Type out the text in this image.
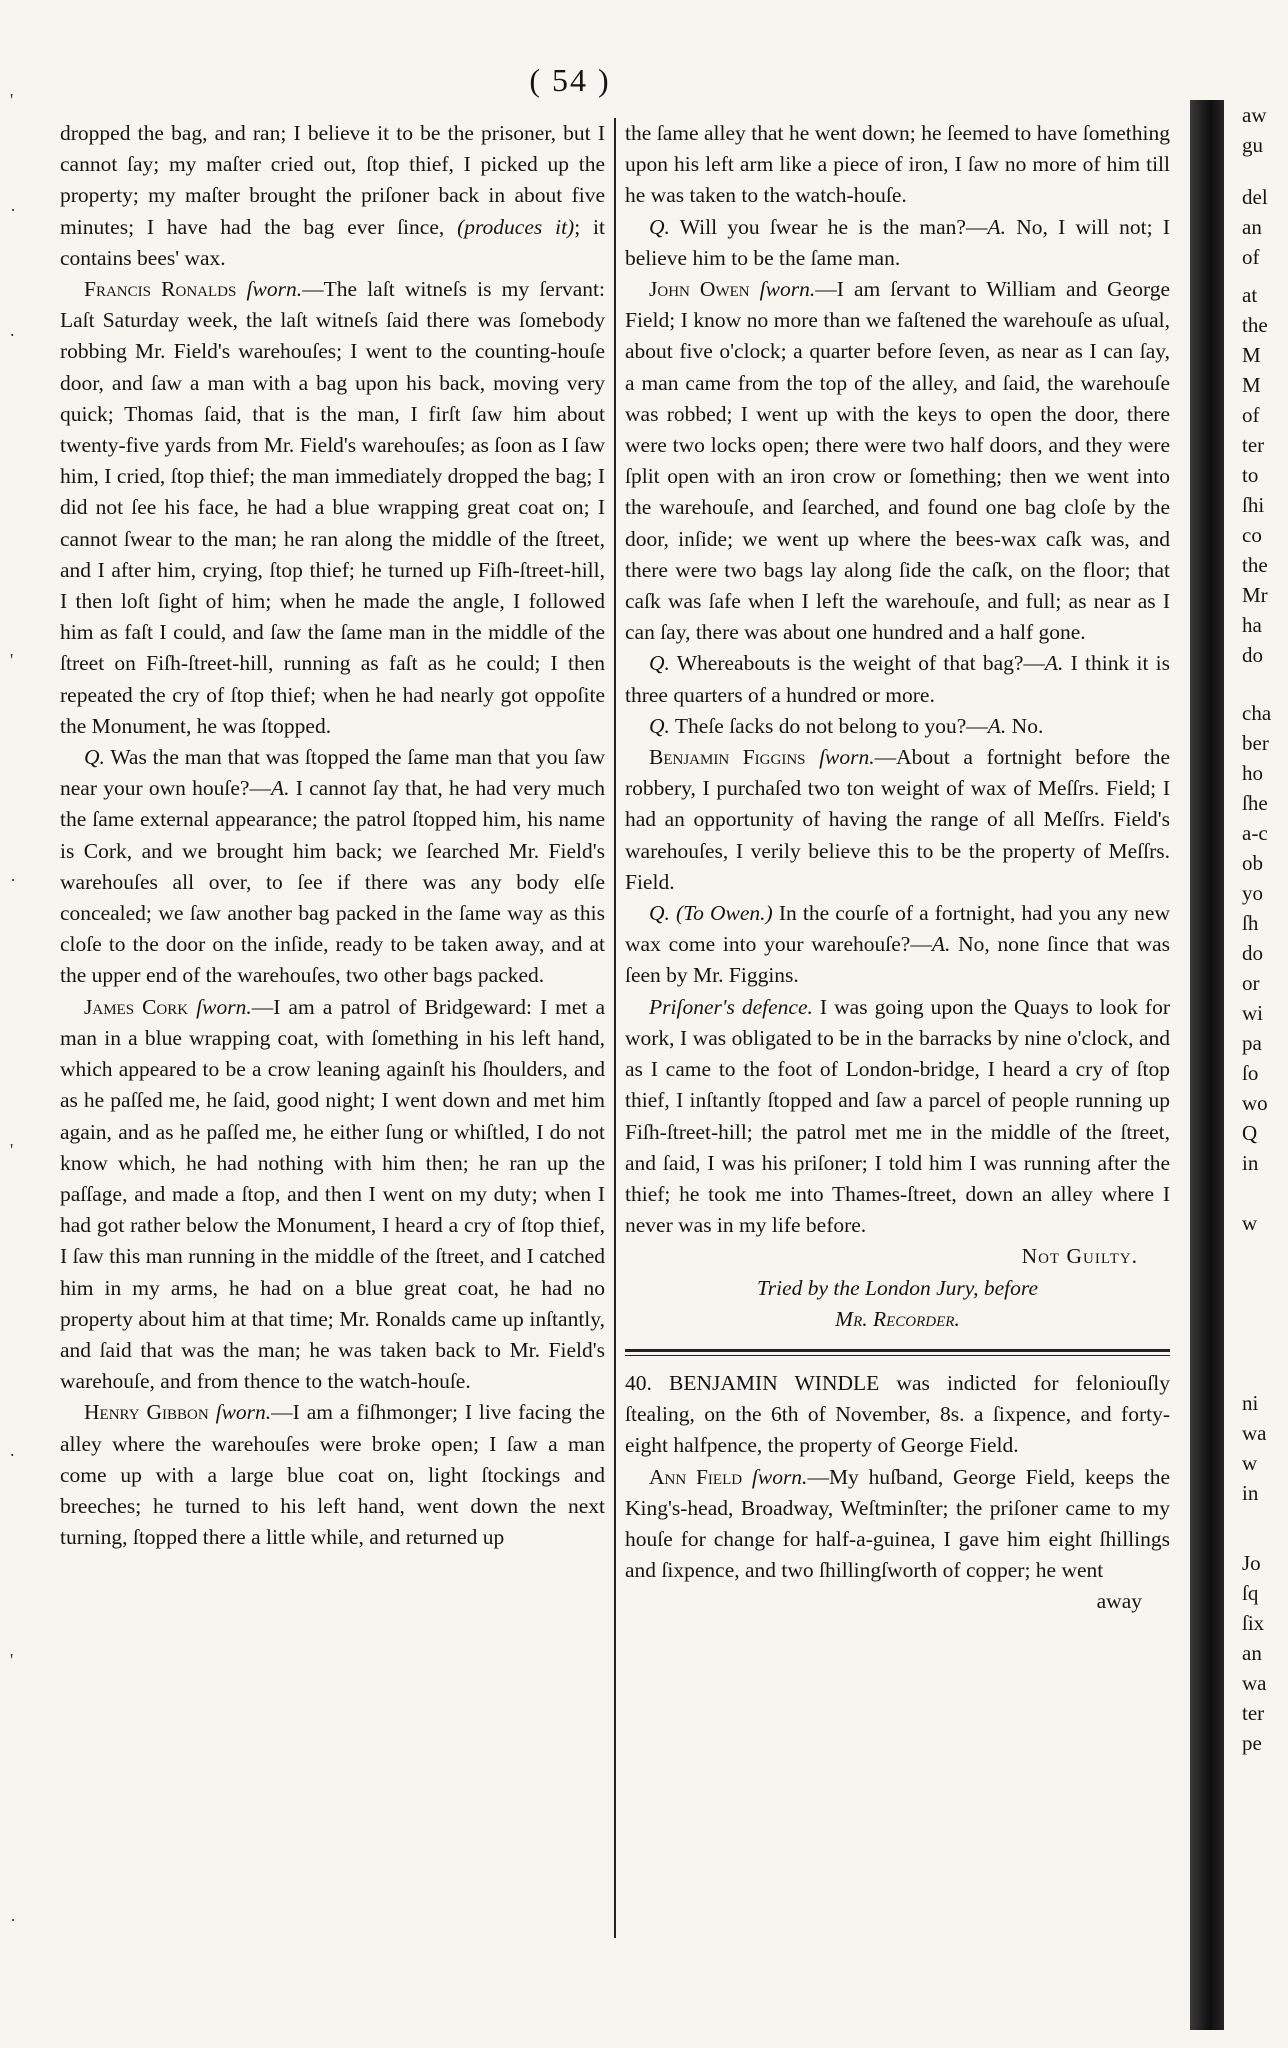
'
·
.
'
·
'
.
'
·
( 54 )

dropped the bag, and ran; I believe it to be the prisoner, but I cannot ſay; my maſter cried out, ſtop thief, I picked up the property; my maſter brought the priſoner back in about five minutes; I have had the bag ever ſince, (produces it); it contains bees' wax.

Francis Ronalds ſworn.—The laſt witneſs is my ſervant: Laſt Saturday week, the laſt witneſs ſaid there was ſomebody robbing Mr. Field's warehouſes; I went to the counting-houſe door, and ſaw a man with a bag upon his back, moving very quick; Thomas ſaid, that is the man, I firſt ſaw him about twenty-five yards from Mr. Field's warehouſes; as ſoon as I ſaw him, I cried, ſtop thief; the man immediately dropped the bag; I did not ſee his face, he had a blue wrapping great coat on; I cannot ſwear to the man; he ran along the middle of the ſtreet, and I after him, crying, ſtop thief; he turned up Fiſh-ſtreet-hill, I then loſt ſight of him; when he made the angle, I followed him as faſt I could, and ſaw the ſame man in the middle of the ſtreet on Fiſh-ſtreet-hill, running as faſt as he could; I then repeated the cry of ſtop thief; when he had nearly got oppoſite the Monument, he was ſtopped.

Q. Was the man that was ſtopped the ſame man that you ſaw near your own houſe?—A. I cannot ſay that, he had very much the ſame external appearance; the patrol ſtopped him, his name is Cork, and we brought him back; we ſearched Mr. Field's warehouſes all over, to ſee if there was any body elſe concealed; we ſaw another bag packed in the ſame way as this cloſe to the door on the inſide, ready to be taken away, and at the upper end of the warehouſes, two other bags packed.

James Cork ſworn.—I am a patrol of Bridgeward: I met a man in a blue wrapping coat, with ſomething in his left hand, which appeared to be a crow leaning againſt his ſhoulders, and as he paſſed me, he ſaid, good night; I went down and met him again, and as he paſſed me, he either ſung or whiſtled, I do not know which, he had nothing with him then; he ran up the paſſage, and made a ſtop, and then I went on my duty; when I had got rather below the Monument, I heard a cry of ſtop thief, I ſaw this man running in the middle of the ſtreet, and I catched him in my arms, he had on a blue great coat, he had no property about him at that time; Mr. Ronalds came up inſtantly, and ſaid that was the man; he was taken back to Mr. Field's warehouſe, and from thence to the watch-houſe.

Henry Gibbon ſworn.—I am a fiſhmonger; I live facing the alley where the warehouſes were broke open; I ſaw a man come up with a large blue coat on, light ſtockings and breeches; he turned to his left hand, went down the next turning, ſtopped there a little while, and returned up

the ſame alley that he went down; he ſeemed to have ſomething upon his left arm like a piece of iron, I ſaw no more of him till he was taken to the watch-houſe.

Q. Will you ſwear he is the man?—A. No, I will not; I believe him to be the ſame man.

John Owen ſworn.—I am ſervant to William and George Field; I know no more than we faſtened the warehouſe as uſual, about five o'clock; a quarter before ſeven, as near as I can ſay, a man came from the top of the alley, and ſaid, the warehouſe was robbed; I went up with the keys to open the door, there were two locks open; there were two half doors, and they were ſplit open with an iron crow or ſomething; then we went into the warehouſe, and ſearched, and found one bag cloſe by the door, inſide; we went up where the bees-wax caſk was, and there were two bags lay along ſide the caſk, on the floor; that caſk was ſafe when I left the warehouſe, and full; as near as I can ſay, there was about one hundred and a half gone.

Q. Whereabouts is the weight of that bag?—A. I think it is three quarters of a hundred or more.

Q. Theſe ſacks do not belong to you?—A. No.

Benjamin Figgins ſworn.—About a fortnight before the robbery, I purchaſed two ton weight of wax of Meſſrs. Field; I had an opportunity of having the range of all Meſſrs. Field's warehouſes, I verily believe this to be the property of Meſſrs. Field.

Q. (To Owen.) In the courſe of a fortnight, had you any new wax come into your warehouſe?—A. No, none ſince that was ſeen by Mr. Figgins.

Priſoner's defence. I was going upon the Quays to look for work, I was obligated to be in the barracks by nine o'clock, and as I came to the foot of London-bridge, I heard a cry of ſtop thief, I inſtantly ſtopped and ſaw a parcel of people running up Fiſh-ſtreet-hill; the patrol met me in the middle of the ſtreet, and ſaid, I was his priſoner; I told him I was running after the thief; he took me into Thames-ſtreet, down an alley where I never was in my life before.

Not Guilty.

Tried by the London Jury, before

Mr. Recorder.

40. BENJAMIN WINDLE was indicted for feloniouſly ſtealing, on the 6th of November, 8s. a ſixpence, and forty-eight halfpence, the property of George Field.

Ann Field ſworn.—My huſband, George Field, keeps the King's-head, Broadway, Weſtminſter; the priſoner came to my houſe for change for half-a-guinea, I gave him eight ſhillings and ſixpence, and two ſhillingſworth of copper; he went

away

aw
gu
del
an
of
at
the
M
M
of
ter
to
ſhi
co
the
Mr
ha
do
cha
ber
ho
ſhe
a-c
ob
yo
ſh
do
or
wi
pa
ſo
wo
Q
in
w
ni
wa
w
in
Jo
ſq
ſix
an
wa
ter
pe
